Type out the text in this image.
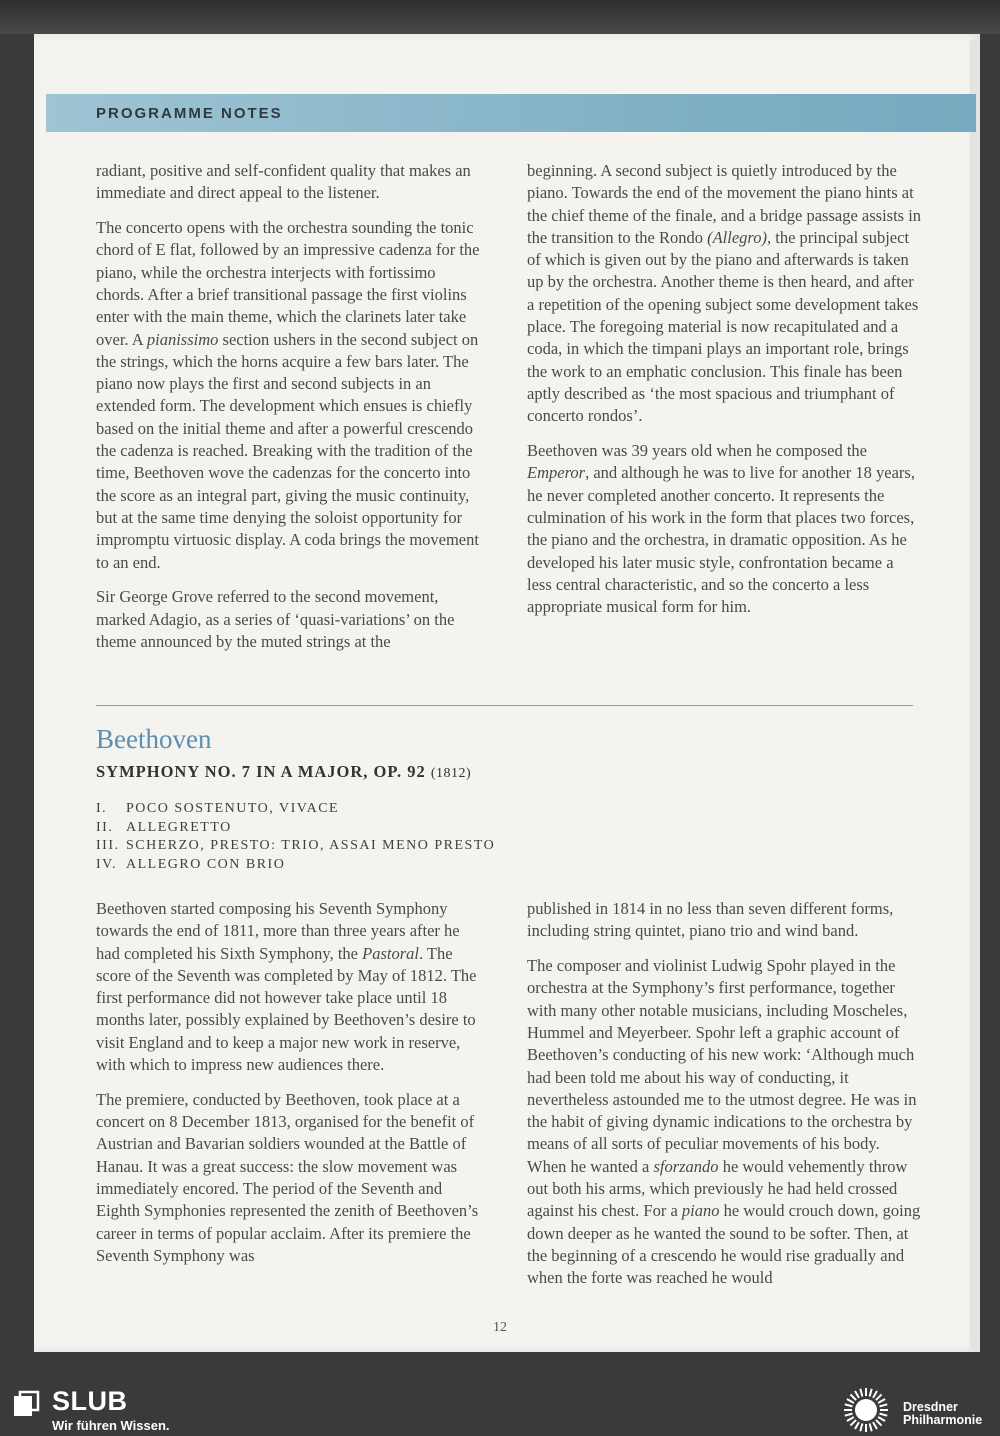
PROGRAMME NOTES

radiant, positive and self-confident quality that makes an immediate and direct appeal to the listener.

The concerto opens with the orchestra sounding the tonic chord of E flat, followed by an impressive cadenza for the piano, while the orchestra interjects with fortissimo chords. After a brief transitional passage the first violins enter with the main theme, which the clarinets later take over. A pianissimo section ushers in the second subject on the strings, which the horns acquire a few bars later. The piano now plays the first and second subjects in an extended form. The development which ensues is chiefly based on the initial theme and after a powerful crescendo the cadenza is reached. Breaking with the tradition of the time, Beethoven wove the cadenzas for the concerto into the score as an integral part, giving the music continuity, but at the same time denying the soloist opportunity for impromptu virtuosic display. A coda brings the movement to an end.

Sir George Grove referred to the second movement, marked Adagio, as a series of ‘quasi-variations’ on the theme announced by the muted strings at the

beginning. A second subject is quietly introduced by the piano. Towards the end of the movement the piano hints at the chief theme of the finale, and a bridge passage assists in the transition to the Rondo (Allegro), the principal subject of which is given out by the piano and afterwards is taken up by the orchestra. Another theme is then heard, and after a repetition of the opening subject some development takes place. The foregoing material is now recapitulated and a coda, in which the timpani plays an important role, brings the work to an emphatic conclusion. This finale has been aptly described as ‘the most spacious and triumphant of concerto rondos’.

Beethoven was 39 years old when he composed the Emperor, and although he was to live for another 18 years, he never completed another concerto. It represents the culmination of his work in the form that places two forces, the piano and the orchestra, in dramatic opposition. As he developed his later music style, confrontation became a less central characteristic, and so the concerto a less appropriate musical form for him.

Beethoven
SYMPHONY NO. 7 IN A MAJOR, OP. 92 (1812)
I. POCO SOSTENUTO, VIVACE
II. ALLEGRETTO
III. SCHERZO, PRESTO: TRIO, ASSAI MENO PRESTO
IV. ALLEGRO CON BRIO

Beethoven started composing his Seventh Symphony towards the end of 1811, more than three years after he had completed his Sixth Symphony, the Pastoral. The score of the Seventh was completed by May of 1812. The first performance did not however take place until 18 months later, possibly explained by Beethoven’s desire to visit England and to keep a major new work in reserve, with which to impress new audiences there.

The premiere, conducted by Beethoven, took place at a concert on 8 December 1813, organised for the benefit of Austrian and Bavarian soldiers wounded at the Battle of Hanau. It was a great success: the slow movement was immediately encored. The period of the Seventh and Eighth Symphonies represented the zenith of Beethoven’s career in terms of popular acclaim. After its premiere the Seventh Symphony was

published in 1814 in no less than seven different forms, including string quintet, piano trio and wind band.

The composer and violinist Ludwig Spohr played in the orchestra at the Symphony’s first performance, together with many other notable musicians, including Moscheles, Hummel and Meyerbeer. Spohr left a graphic account of Beethoven’s conducting of his new work: ‘Although much had been told me about his way of conducting, it nevertheless astounded me to the utmost degree. He was in the habit of giving dynamic indications to the orchestra by means of all sorts of peculiar movements of his body. When he wanted a sforzando he would vehemently throw out both his arms, which previously he had held crossed against his chest. For a piano he would crouch down, going down deeper as he wanted the sound to be softer. Then, at the beginning of a crescendo he would rise gradually and when the forte was reached he would

12
SLUB
Wir führen Wissen.
Dresdner
Philharmonie
